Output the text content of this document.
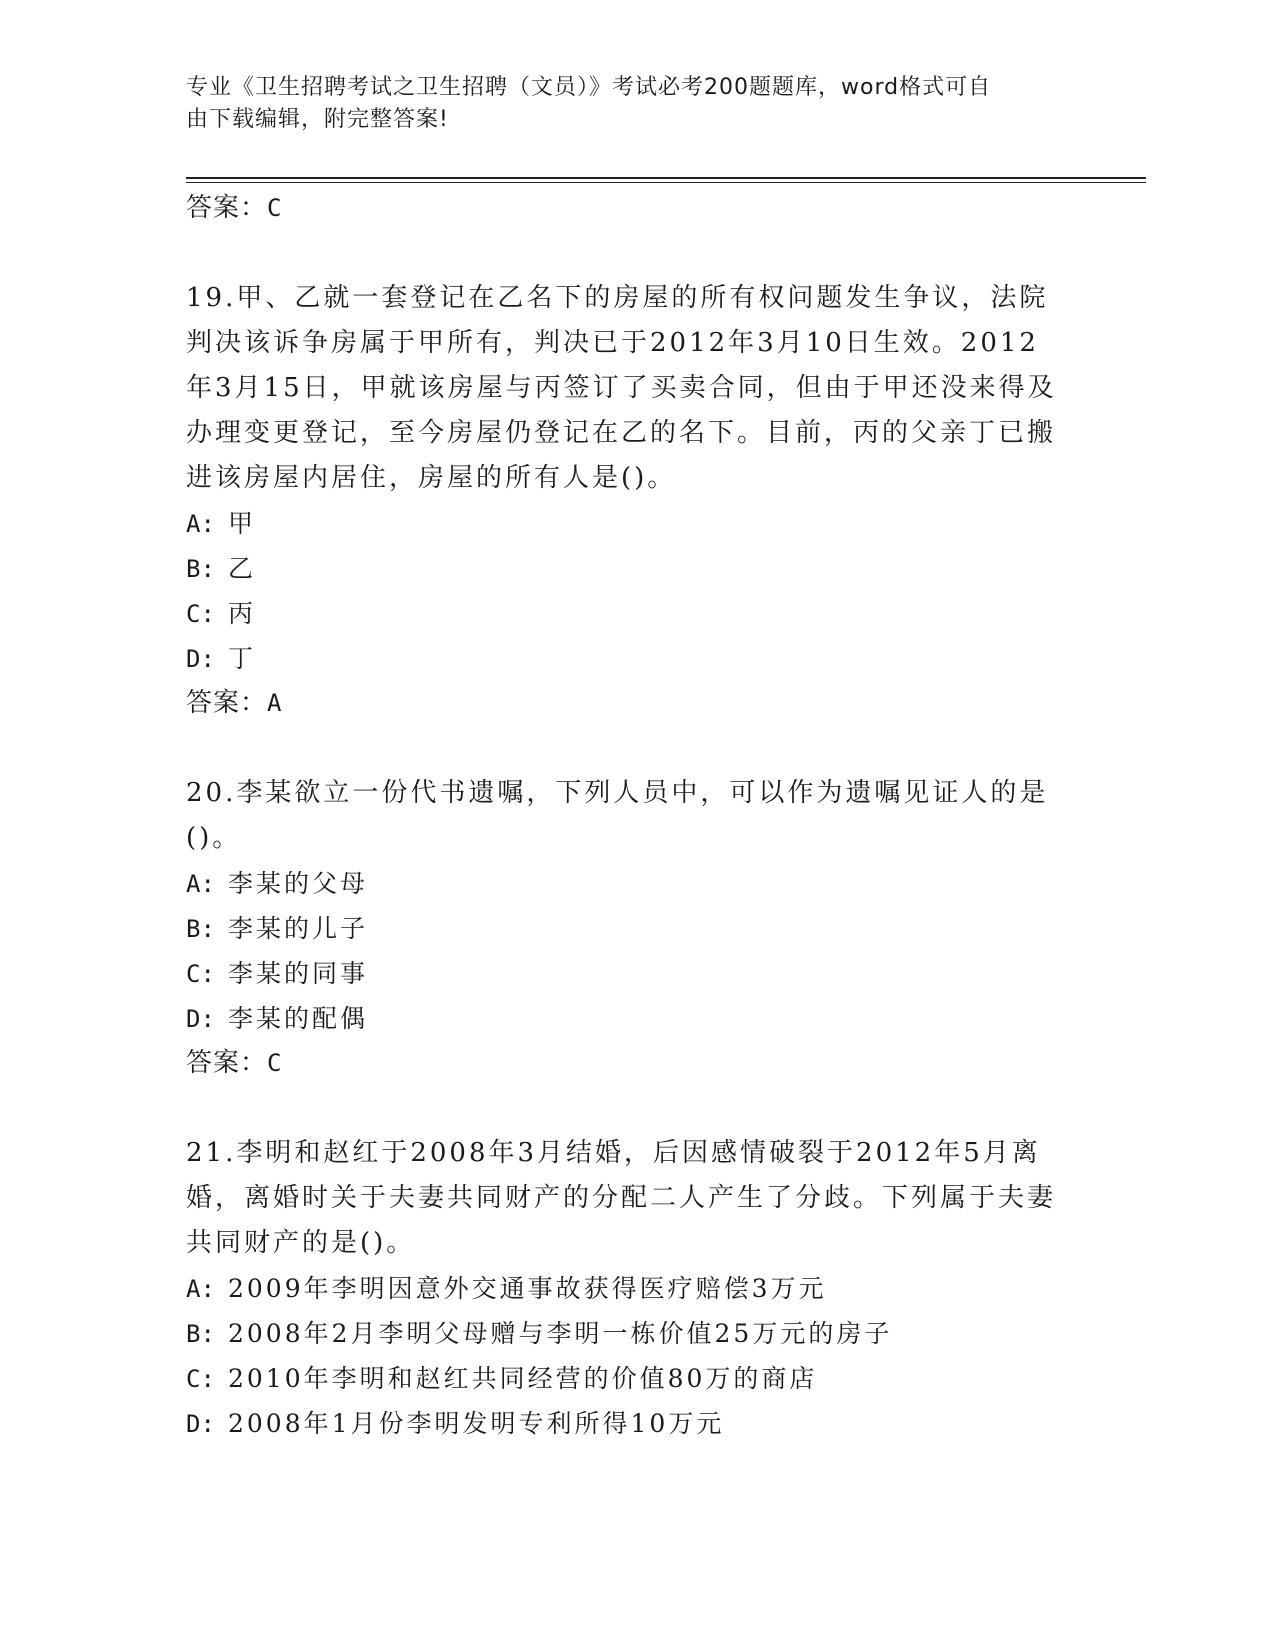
专业《卫生招聘考试之卫生招聘（文员）》考试必考200题题库，word格式可自
由下载编辑，附完整答案!
答案：C

19.甲、乙就一套登记在乙名下的房屋的所有权问题发生争议，法院判决该诉争房属于甲所有，判决已于2012年3月10日生效。2012年3月15日，甲就该房屋与丙签订了买卖合同，但由于甲还没来得及办理变更登记，至今房屋仍登记在乙的名下。目前，丙的父亲丁已搬进该房屋内居住，房屋的所有人是()。

A: 甲
B: 乙
C: 丙
D: 丁
答案：A

20.李某欲立一份代书遗嘱，下列人员中，可以作为遗嘱见证人的是()。

A: 李某的父母
B: 李某的儿子
C: 李某的同事
D: 李某的配偶
答案：C

21.李明和赵红于2008年3月结婚，后因感情破裂于2012年5月离婚，离婚时关于夫妻共同财产的分配二人产生了分歧。下列属于夫妻共同财产的是()。

A: 2009年李明因意外交通事故获得医疗赔偿3万元
B: 2008年2月李明父母赠与李明一栋价值25万元的房子
C: 2010年李明和赵红共同经营的价值80万的商店
D: 2008年1月份李明发明专利所得10万元
